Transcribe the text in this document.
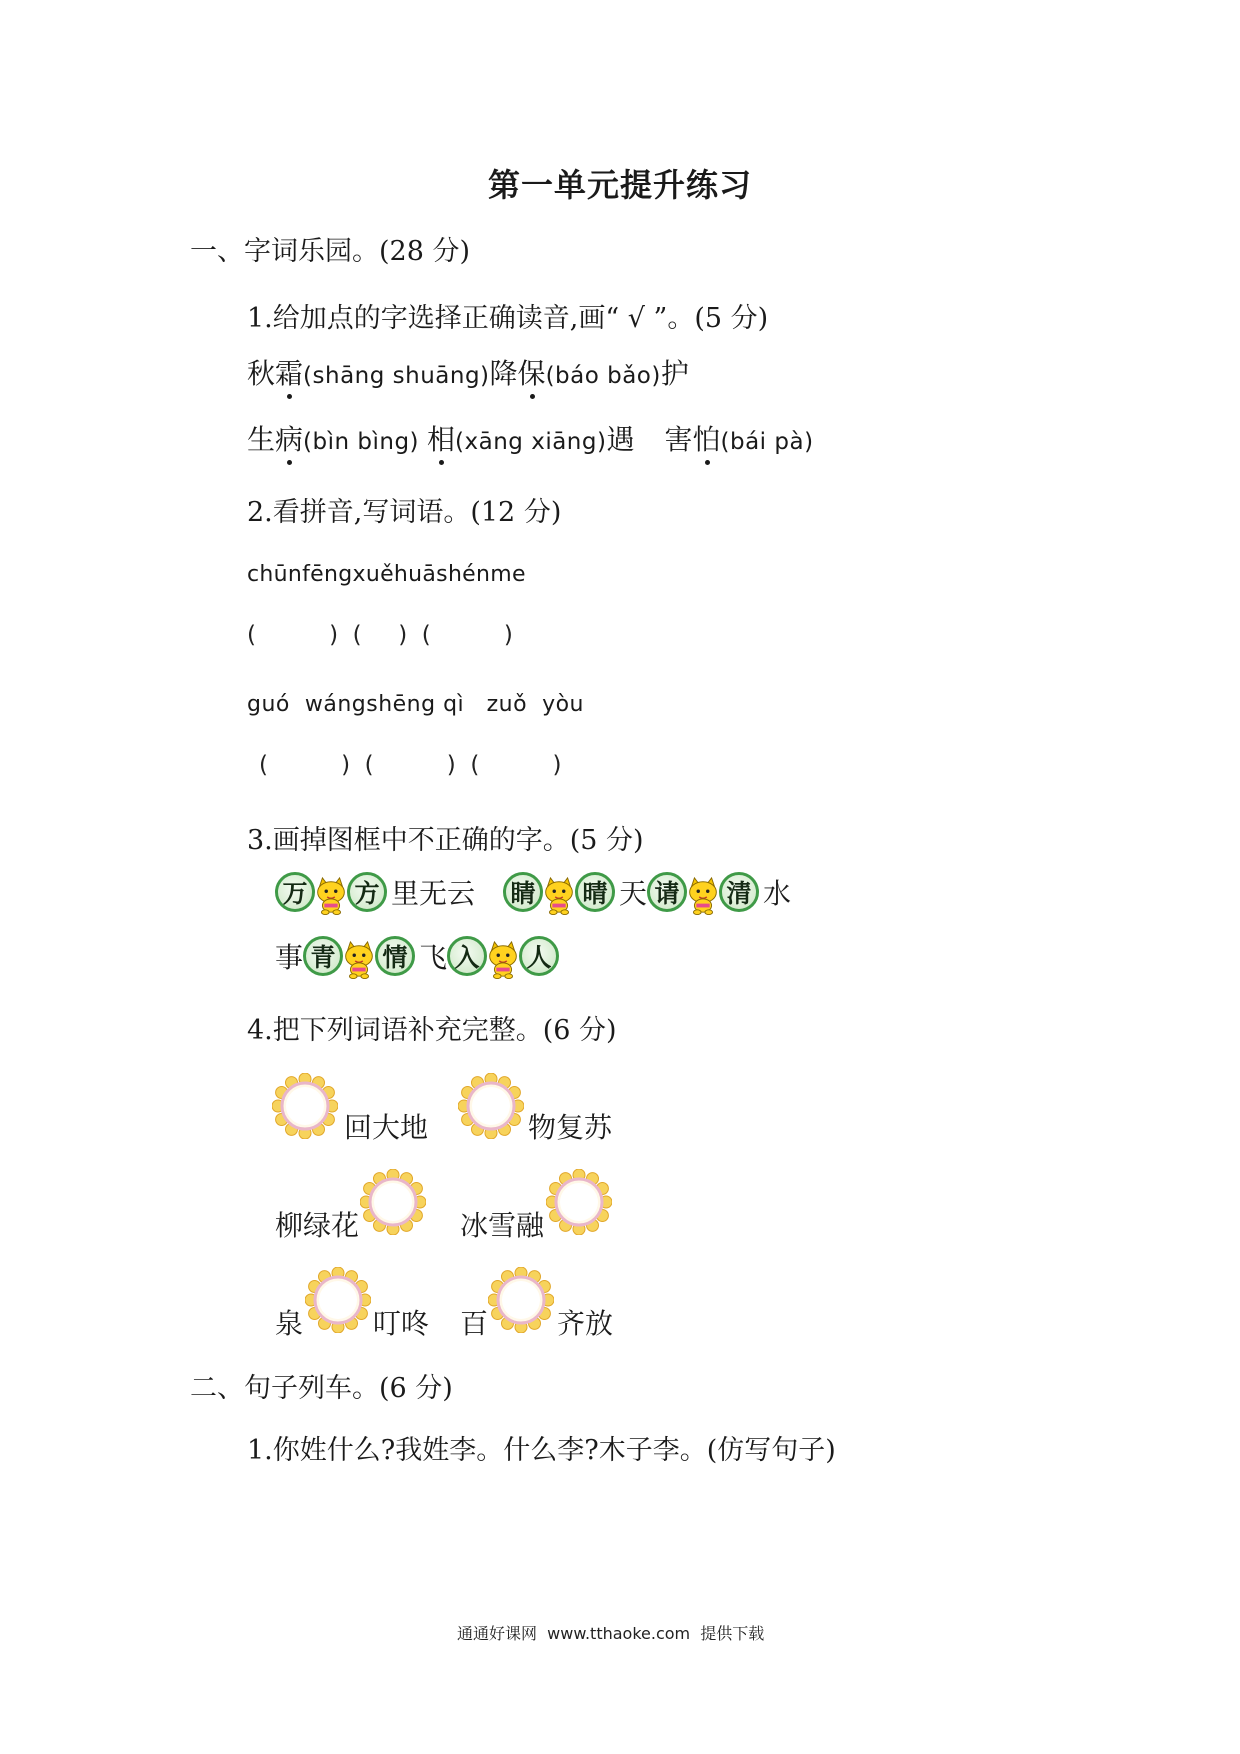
第一单元提升练习
一、字词乐园。(28 分)
1.给加点的字选择正确读音,画“ √ ”。(5 分)
秋 霜 (shāng shuāng) 降 保 (báo bǎo) 护
生 病 (bìn bìng) 相 (xāng xiāng) 遇 害 怕 (bái pà)
2.看拼音,写词语。(12 分)
chūnfēngxuěhuāshénme
(          )  (     )  (          )
guó  wángshēng qì   zuǒ  yòu
(          )  (          )  (          )
3.画掉图框中不正确的字。(5 分)
万	方 里无云 睛	晴 天 请	清 水
事 青	情 飞 入	人
4.把下列词语补充完整。(6 分)
回大地	物复苏
柳绿花	冰雪融
泉 叮咚 百 齐放
二、句子列车。(6 分)
1.你姓什么?我姓李。什么李?木子李。(仿写句子)
通通好课网  www.tthaoke.com  提供下载
